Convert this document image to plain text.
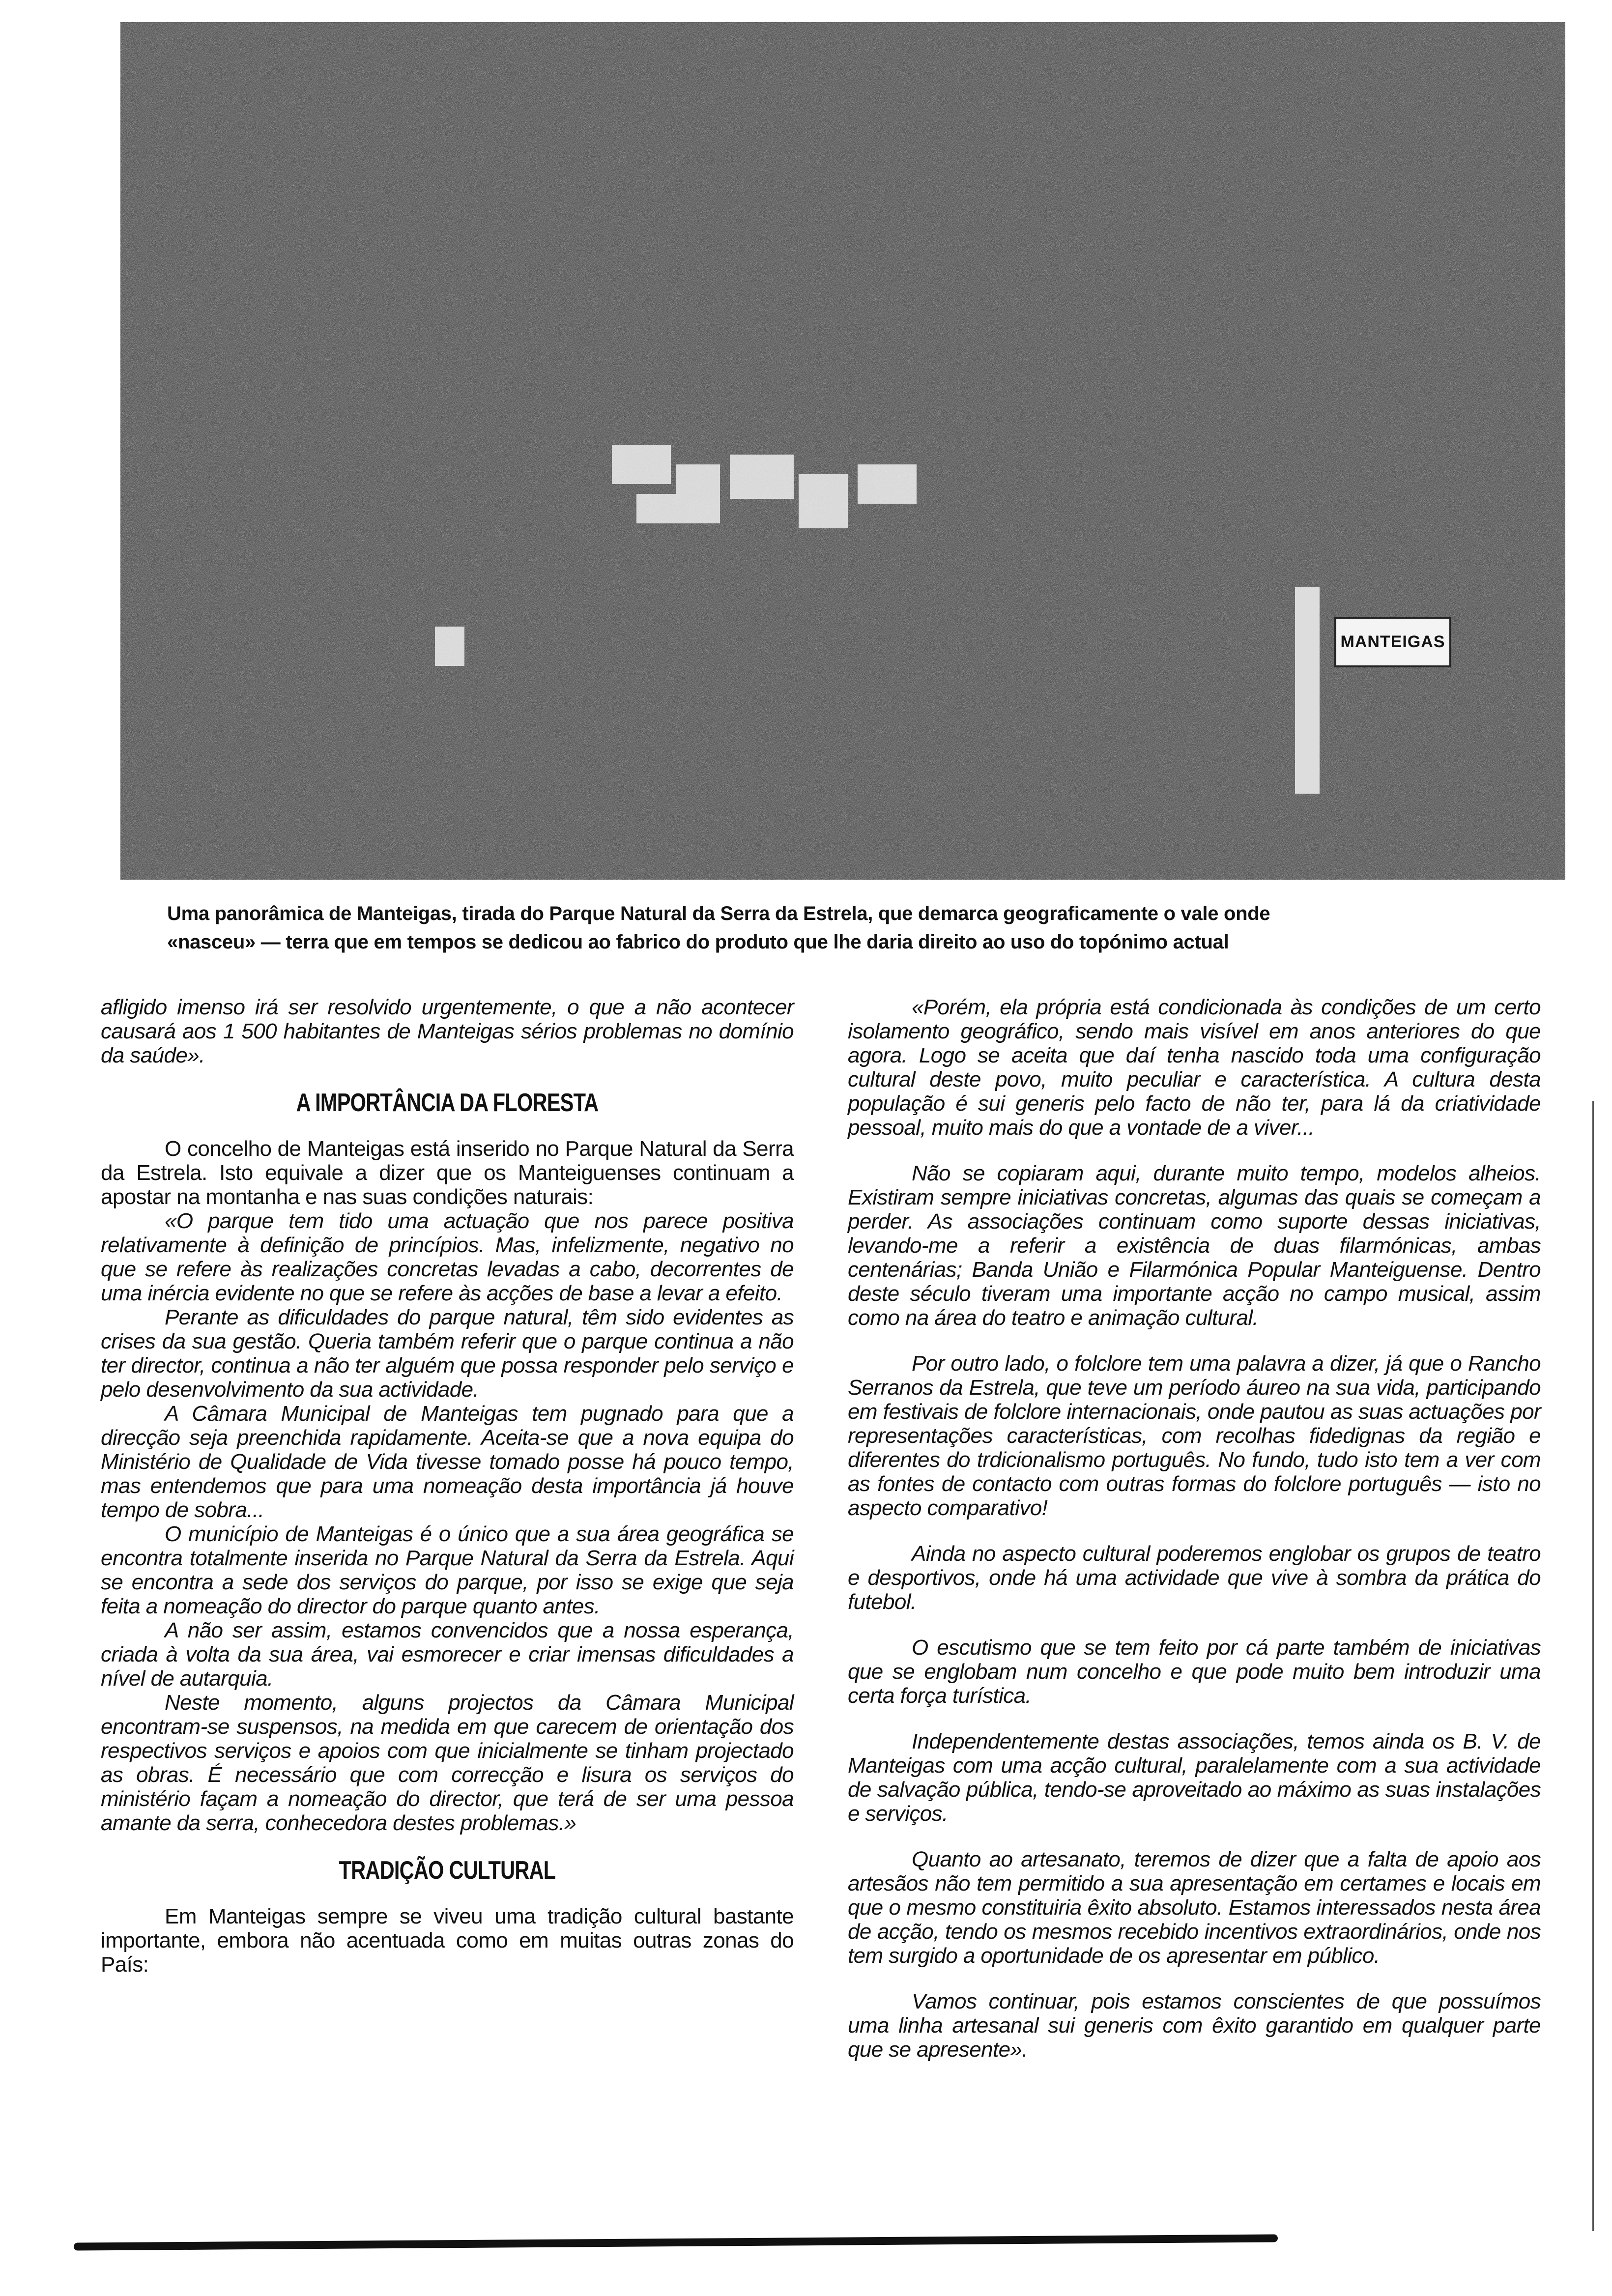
MANTEIGAS
Uma panorâmica de Manteigas, tirada do Parque Natural da Serra da Estrela, que demarca geograficamente o vale onde
«nasceu» — terra que em tempos se dedicou ao fabrico do produto que lhe daria direito ao uso do topónimo actual

afligido imenso irá ser resolvido urgentemente, o que a não acontecer causará aos 1 500 habitantes de Manteigas sérios problemas no domínio da saúde».

A IMPORTÂNCIA DA FLORESTA

O concelho de Manteigas está inserido no Parque Natural da Serra da Estrela. Isto equivale a dizer que os Manteiguenses continuam a apostar na montanha e nas suas condições naturais:

«O parque tem tido uma actuação que nos parece positiva relativamente à definição de princípios. Mas, infelizmente, negativo no que se refere às realizações concretas levadas a cabo, decorrentes de uma inércia evidente no que se refere às acções de base a levar a efeito.

Perante as dificuldades do parque natural, têm sido evidentes as crises da sua gestão. Queria também referir que o parque continua a não ter director, continua a não ter alguém que possa responder pelo serviço e pelo desenvolvimento da sua actividade.

A Câmara Municipal de Manteigas tem pugnado para que a direcção seja preenchida rapidamente. Aceita-se que a nova equipa do Ministério de Qualidade de Vida tivesse tomado posse há pouco tempo, mas entendemos que para uma nomeação desta importância já houve tempo de sobra...

O município de Manteigas é o único que a sua área geográfica se encontra totalmente inserida no Parque Natural da Serra da Estrela. Aqui se encontra a sede dos serviços do parque, por isso se exige que seja feita a nomeação do director do parque quanto antes.

A não ser assim, estamos convencidos que a nossa esperança, criada à volta da sua área, vai esmorecer e criar imensas dificuldades a nível de autarquia.

Neste momento, alguns projectos da Câmara Municipal encontram-se suspensos, na medida em que carecem de orientação dos respectivos serviços e apoios com que inicialmente se tinham projectado as obras. É necessário que com correcção e lisura os serviços do ministério façam a nomeação do director, que terá de ser uma pessoa amante da serra, conhecedora destes problemas.»

TRADIÇÃO CULTURAL

Em Manteigas sempre se viveu uma tradição cultural bastante importante, embora não acentuada como em muitas outras zonas do País:

«Porém, ela própria está condicionada às condições de um certo isolamento geográfico, sendo mais visível em anos anteriores do que agora. Logo se aceita que daí tenha nascido toda uma configuração cultural deste povo, muito peculiar e característica. A cultura desta população é sui generis pelo facto de não ter, para lá da criatividade pessoal, muito mais do que a vontade de a viver...

Não se copiaram aqui, durante muito tempo, modelos alheios. Existiram sempre iniciativas concretas, algumas das quais se começam a perder. As associações continuam como suporte dessas iniciativas, levando-me a referir a existência de duas filarmónicas, ambas centenárias; Banda União e Filarmónica Popular Manteiguense. Dentro deste século tiveram uma importante acção no campo musical, assim como na área do teatro e animação cultural.

Por outro lado, o folclore tem uma palavra a dizer, já que o Rancho Serranos da Estrela, que teve um período áureo na sua vida, participando em festivais de folclore internacionais, onde pautou as suas actuações por representações características, com recolhas fidedignas da região e diferentes do trdicionalismo português. No fundo, tudo isto tem a ver com as fontes de contacto com outras formas do folclore português — isto no aspecto comparativo!

Ainda no aspecto cultural poderemos englobar os grupos de teatro e desportivos, onde há uma actividade que vive à sombra da prática do futebol.

O escutismo que se tem feito por cá parte também de iniciativas que se englobam num concelho e que pode muito bem introduzir uma certa força turística.

Independentemente destas associações, temos ainda os B. V. de Manteigas com uma acção cultural, paralelamente com a sua actividade de salvação pública, tendo-se aproveitado ao máximo as suas instalações e serviços.

Quanto ao artesanato, teremos de dizer que a falta de apoio aos artesãos não tem permitido a sua apresentação em certames e locais em que o mesmo constituiria êxito absoluto. Estamos interessados nesta área de acção, tendo os mesmos recebido incentivos extraordinários, onde nos tem surgido a oportunidade de os apresentar em público.

Vamos continuar, pois estamos conscientes de que possuímos uma linha artesanal sui generis com êxito garantido em qualquer parte que se apresente».
